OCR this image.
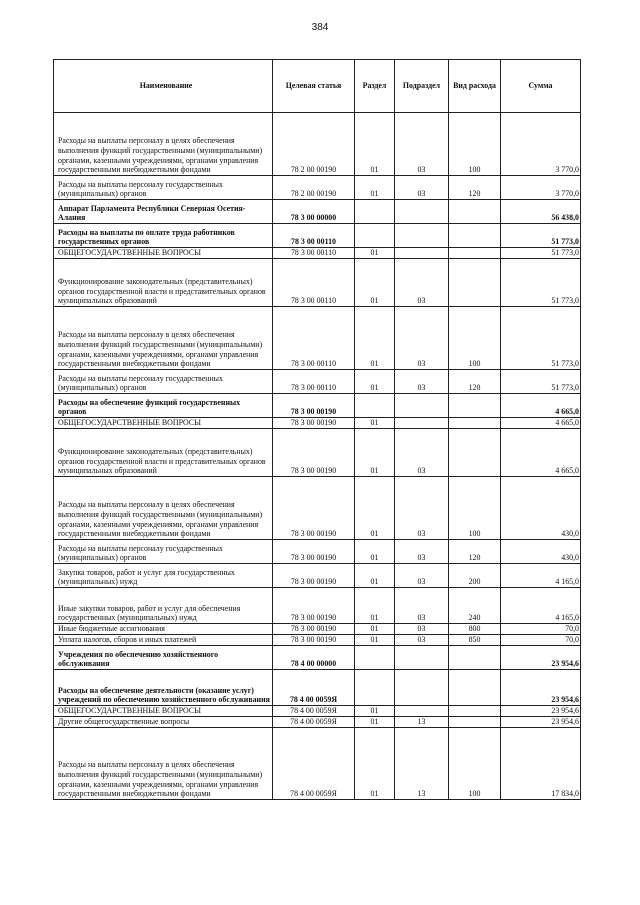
384
Наименование	Целевая статья	Раздел	Подраздел	Вид расхода	Сумма
Расходы на выплаты персоналу в целях обеспечения выполнения функций государственными (муниципальными) органами, казенными учреждениями, органами управления государственными внебюджетными фондами	78 2 00 00190	01	03	100	3 770,0
Расходы на выплаты персоналу государственных (муниципальных) органов	78 2 00 00190	01	03	120	3 770,0
Аппарат Парламента Республики Северная Осетия-Алания	78 3 00 00000				56 438,0
Расходы на выплаты по оплате труда работников государственных органов	78 3 00 00110				51 773,0
ОБЩЕГОСУДАРСТВЕННЫЕ ВОПРОСЫ	78 3 00 00110	01			51 773,0
Функционирование законодательных (представительных) органов государственной власти и представительных органов муниципальных образований	78 3 00 00110	01	03		51 773,0
Расходы на выплаты персоналу в целях обеспечения выполнения функций государственными (муниципальными) органами, казенными учреждениями, органами управления государственными внебюджетными фондами	78 3 00 00110	01	03	100	51 773,0
Расходы на выплаты персоналу государственных (муниципальных) органов	78 3 00 00110	01	03	120	51 773,0
Расходы на обеспечение функций государственных органов	78 3 00 00190				4 665,0
ОБЩЕГОСУДАРСТВЕННЫЕ ВОПРОСЫ	78 3 00 00190	01			4 665,0
Функционирование законодательных (представительных) органов государственной власти и представительных органов муниципальных образований	78 3 00 00190	01	03		4 665,0
Расходы на выплаты персоналу в целях обеспечения выполнения функций государственными (муниципальными) органами, казенными учреждениями, органами управления государственными внебюджетными фондами	78 3 00 00190	01	03	100	430,0
Расходы на выплаты персоналу государственных (муниципальных) органов	78 3 00 00190	01	03	120	430,0
Закупка товаров, работ и услуг для государственных (муниципальных) нужд	78 3 00 00190	01	03	200	4 165,0
Иные закупки товаров, работ и услуг для обеспечения государственных (муниципальных) нужд	78 3 00 00190	01	03	240	4 165,0
Иные бюджетные ассигнования	78 3 00 00190	01	03	800	70,0
Уплата налогов, сборов и иных платежей	78 3 00 00190	01	03	850	70,0
Учреждения по обеспечению хозяйственного обслуживания	78 4 00 00000				23 954,6
Расходы на обеспечение деятельности (оказание услуг) учреждений по обеспечению хозяйственного обслуживания	78 4 00 0059Я				23 954,6
ОБЩЕГОСУДАРСТВЕННЫЕ ВОПРОСЫ	78 4 00 0059Я	01			23 954,6
Другие общегосударственные вопросы	78 4 00 0059Я	01	13		23 954,6
Расходы на выплаты персоналу в целях обеспечения выполнения функций государственными (муниципальными) органами, казенными учреждениями, органами управления государственными внебюджетными фондами	78 4 00 0059Я	01	13	100	17 834,0
